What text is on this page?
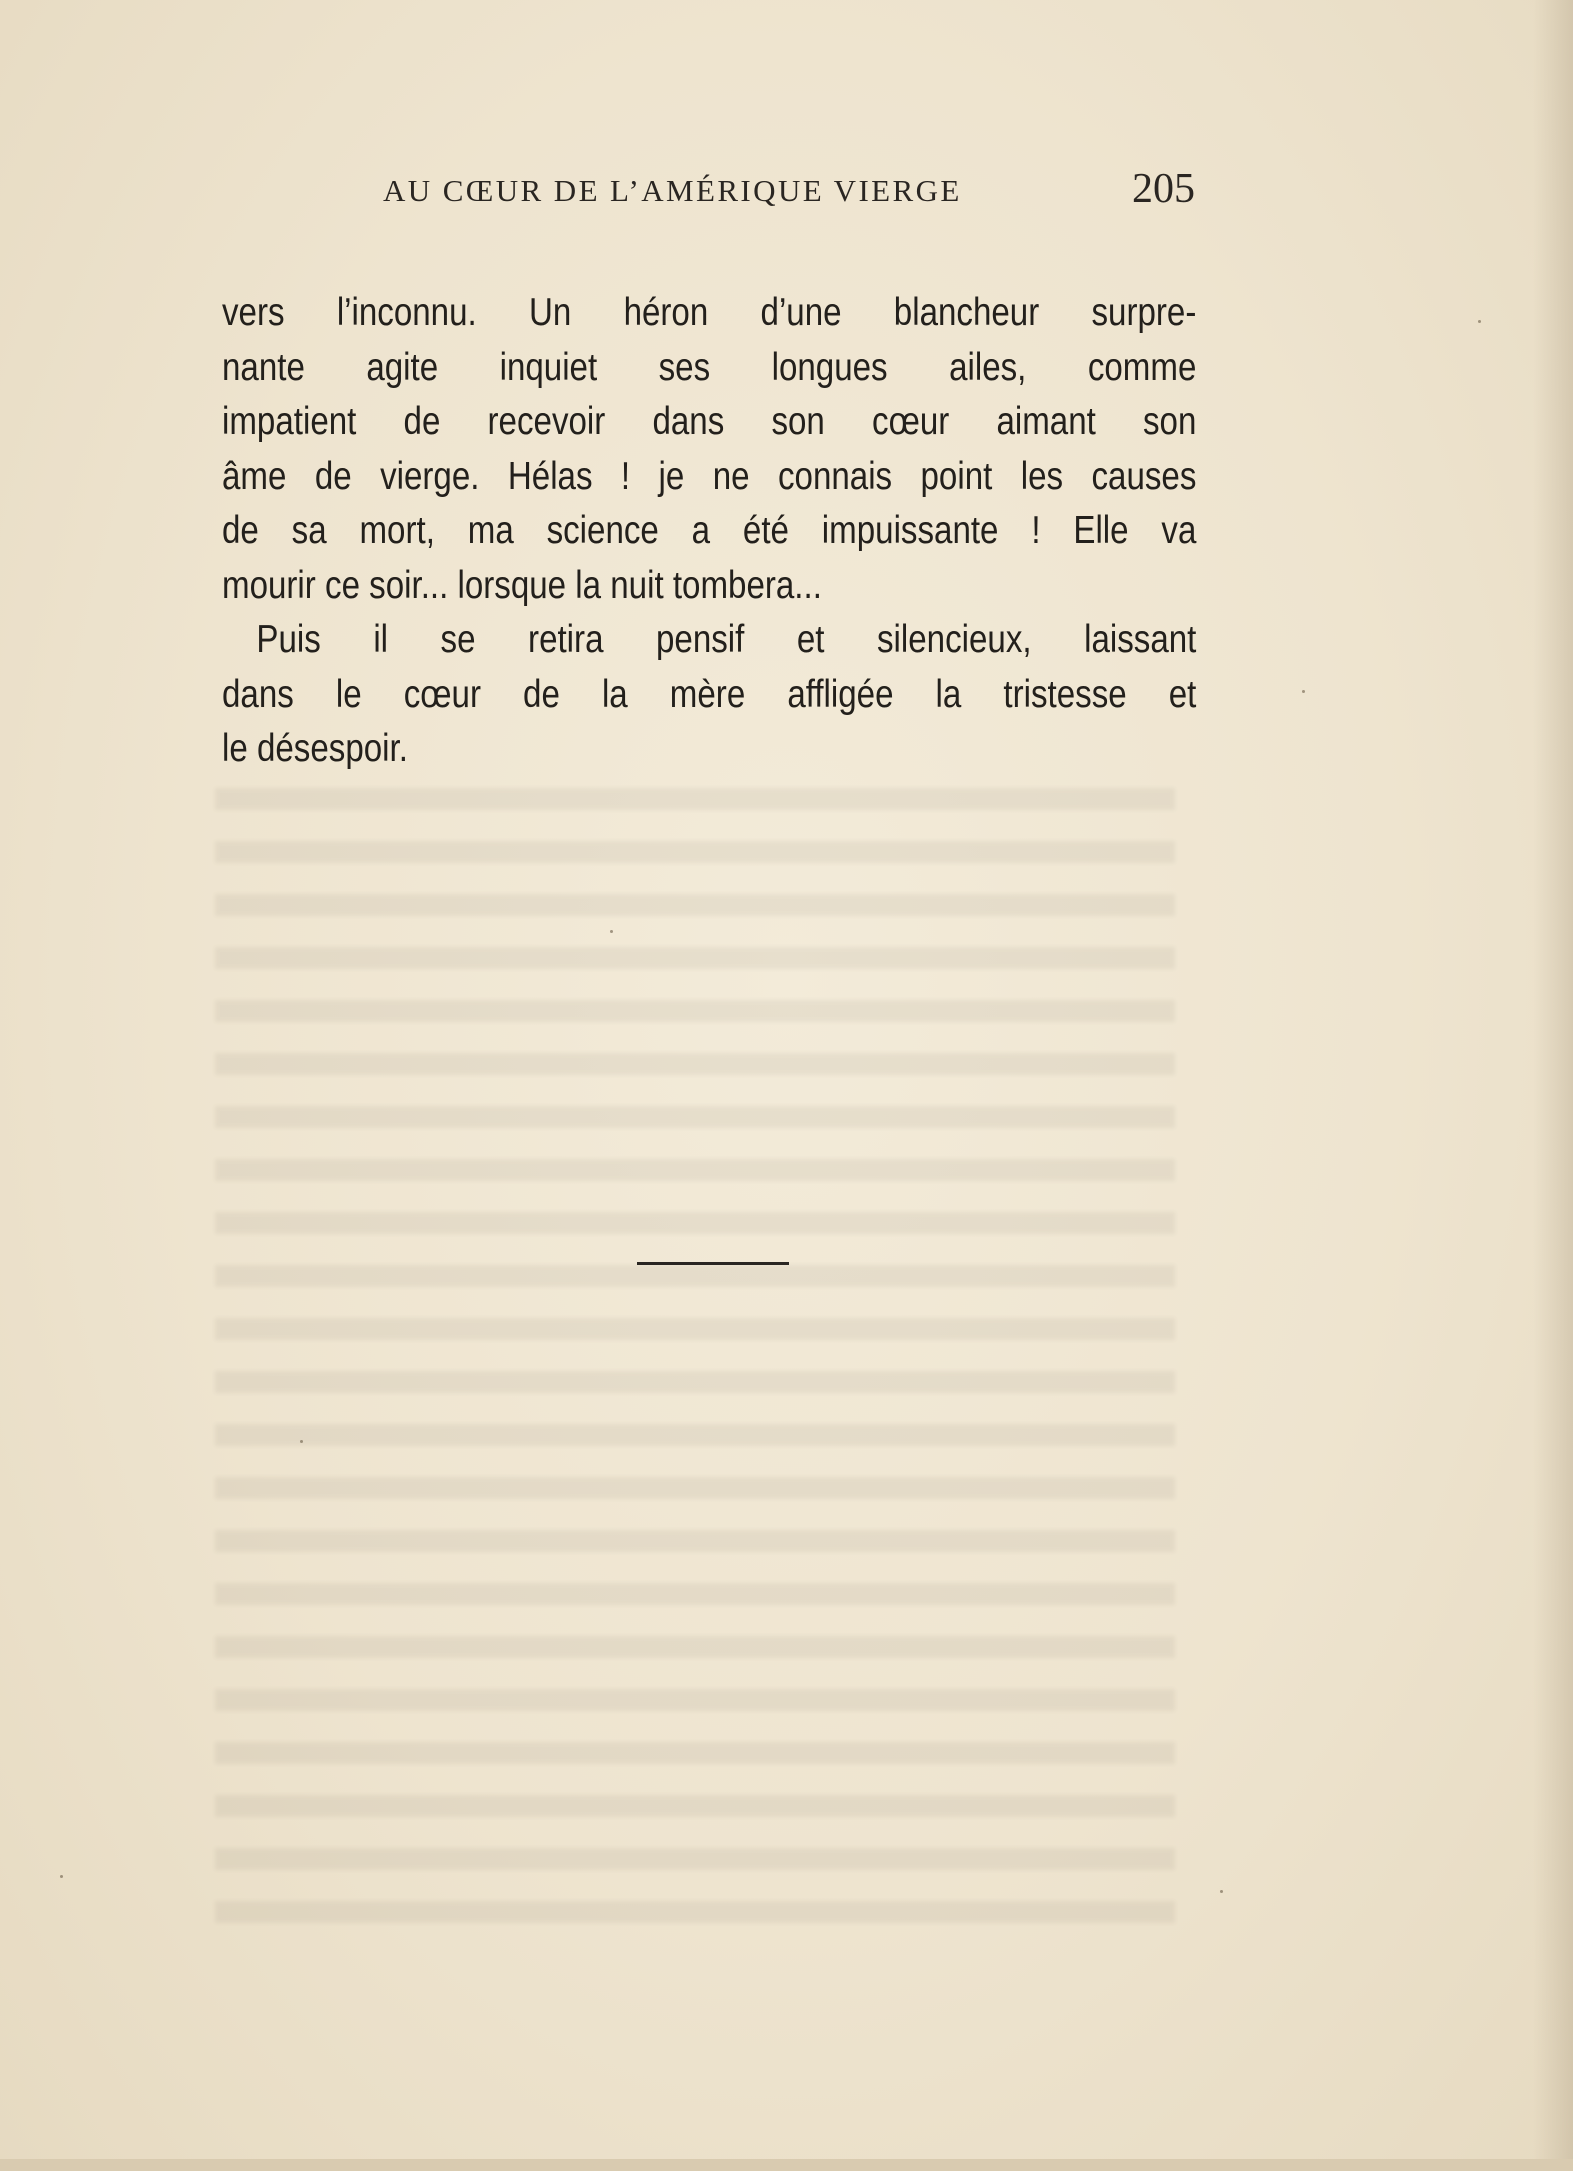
AU CŒUR DE L’AMÉRIQUE VIERGE	205

vers l’inconnu. Un héron d’une blancheur surpre-

nante agite inquiet ses longues ailes, comme

impatient de recevoir dans son cœur aimant son

âme de vierge. Hélas ! je ne connais point les causes

de sa mort, ma science a été impuissante ! Elle va

mourir ce soir... lorsque la nuit tombera...

Puis il se retira pensif et silencieux, laissant

dans le cœur de la mère affligée la tristesse et

le désespoir.
